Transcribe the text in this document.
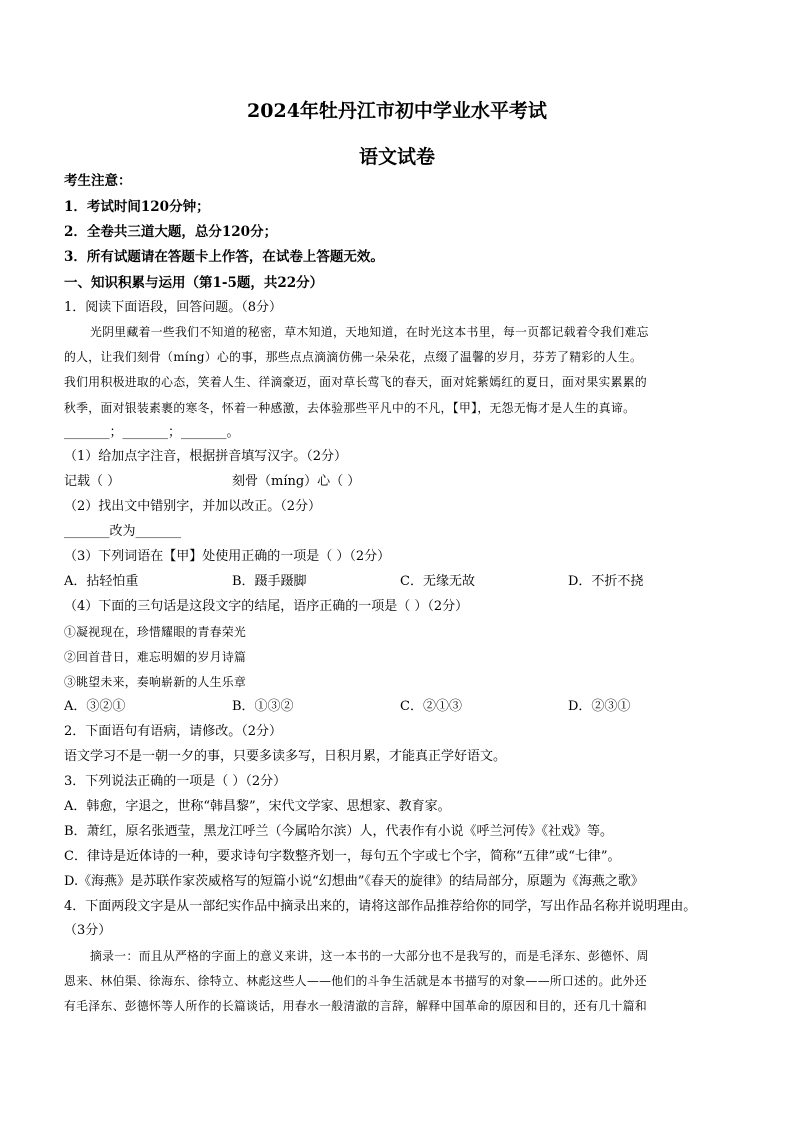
2024年牡丹江市初中学业水平考试
语文试卷
考生注意：
1．考试时间120分钟；
2．全卷共三道大题，总分120分；
3．所有试题请在答题卡上作答，在试卷上答题无效。
一、知识积累与运用（第1-5题，共22分）
1．阅读下面语段，回答问题。（8分）
光阴里藏着一些我们不知道的秘密，草木知道，天地知道，在时光这本书里，每一页都记载着令我们难忘
的人，让我们刻骨（míng）心的事，那些点点滴滴仿佛一朵朵花，点缀了温馨的岁月，芬芳了精彩的人生。
我们用积极进取的心态，笑着人生、徉滴豪迈，面对草长莺飞的春天，面对姹紫嫣红的夏日，面对果实累累的
秋季，面对银装素裹的寒冬，怀着一种感激，去体验那些平凡中的不凡，【甲】，无怨无悔才是人生的真谛。
_______；_______；_______。
（1）给加点字注音，根据拼音填写汉字。（2分）
记载（ ）	刻骨（míng）心（ ）
（2）找出文中错别字，并加以改正。（2分）
_______改为_______
（3）下列词语在【甲】处使用正确的一项是（ ）（2分）
A．拈轻怕重	B．蹑手蹑脚	C．无缘无故	D．不折不挠
（4）下面的三句话是这段文字的结尾，语序正确的一项是（ ）（2分）
①凝视现在，珍惜耀眼的青春荣光
②回首昔日，难忘明媚的岁月诗篇
③眺望未来，奏响崭新的人生乐章
A．③②①	B．①③②	C．②①③	D．②③①
2．下面语句有语病，请修改。（2分）
语文学习不是一朝一夕的事，只要多读多写，日积月累，才能真正学好语文。
3．下列说法正确的一项是（ ）（2分）
A．韩愈，字退之，世称“韩昌黎”，宋代文学家、思想家、教育家。
B．萧红，原名张迺莹，黑龙江呼兰（今属哈尔滨）人，代表作有小说《呼兰河传》《社戏》等。
C．律诗是近体诗的一种，要求诗句字数整齐划一，每句五个字或七个字，简称“五律”或“七律”。
D.《海燕》是苏联作家茨威格写的短篇小说“幻想曲”《春天的旋律》的结局部分，原题为《海燕之歌》
4．下面两段文字是从一部纪实作品中摘录出来的，请将这部作品推荐给你的同学，写出作品名称并说明理由。
（3分）
摘录一：而且从严格的字面上的意义来讲，这一本书的一大部分也不是我写的，而是毛泽东、彭德怀、周
恩来、林伯渠、徐海东、徐特立、林彪这些人——他们的斗争生活就是本书描写的对象——所口述的。此外还
有毛泽东、彭德怀等人所作的长篇谈话，用春水一般清澈的言辞，解释中国革命的原因和目的，还有几十篇和
